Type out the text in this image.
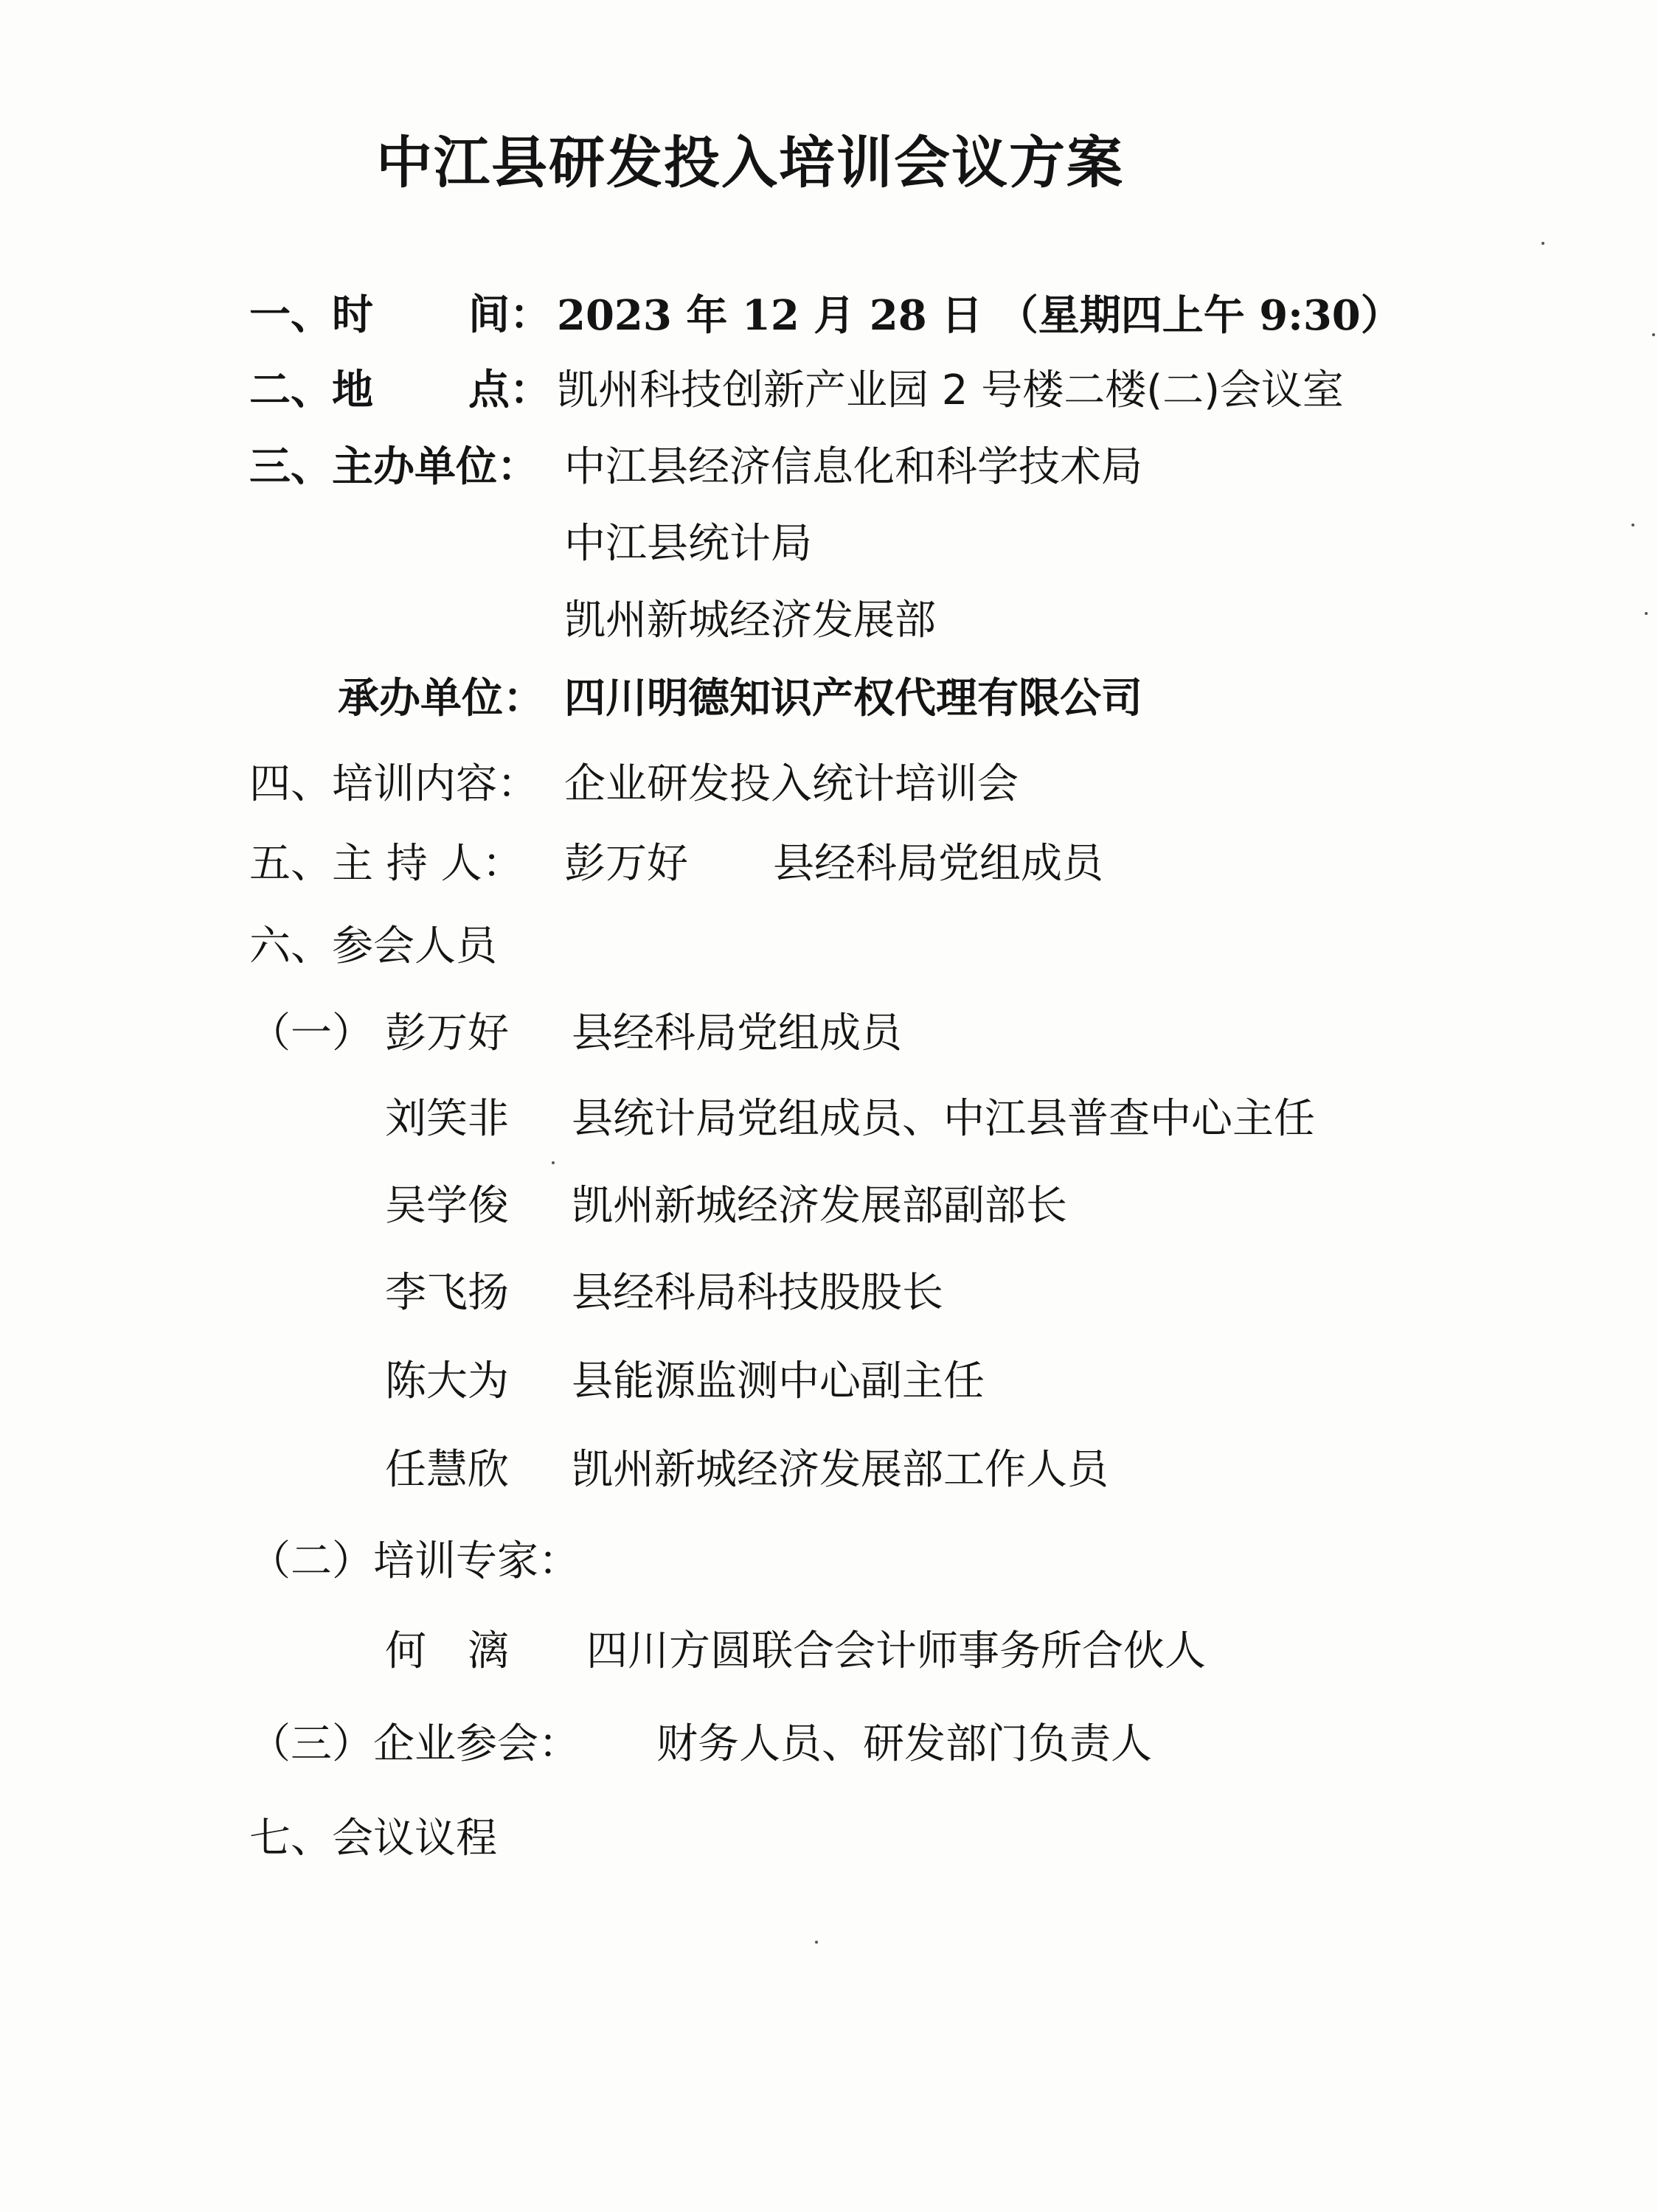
中江县研发投入培训会议方案
一、时 间： 2023 年 12 月 28 日 （星期四上午 9:30）
二、地 点： 凯州科技创新产业园 2 号楼二楼(二)会议室
三、主办单位： 中江县经济信息化和科学技术局
中江县统计局
凯州新城经济发展部
承办单位： 四川明德知识产权代理有限公司
四、培训内容： 企业研发投入统计培训会
五、主 持 人： 彭万好 县经科局党组成员
六、参会人员
（一） 彭万好 县经科局党组成员
刘笑非 县统计局党组成员、中江县普查中心主任
吴学俊 凯州新城经济发展部副部长
李飞扬 县经科局科技股股长
陈大为 县能源监测中心副主任
任慧欣 凯州新城经济发展部工作人员
（二）培训专家：
何　漓 四川方圆联合会计师事务所合伙人
（三）企业参会： 财务人员、研发部门负责人
七、会议议程
